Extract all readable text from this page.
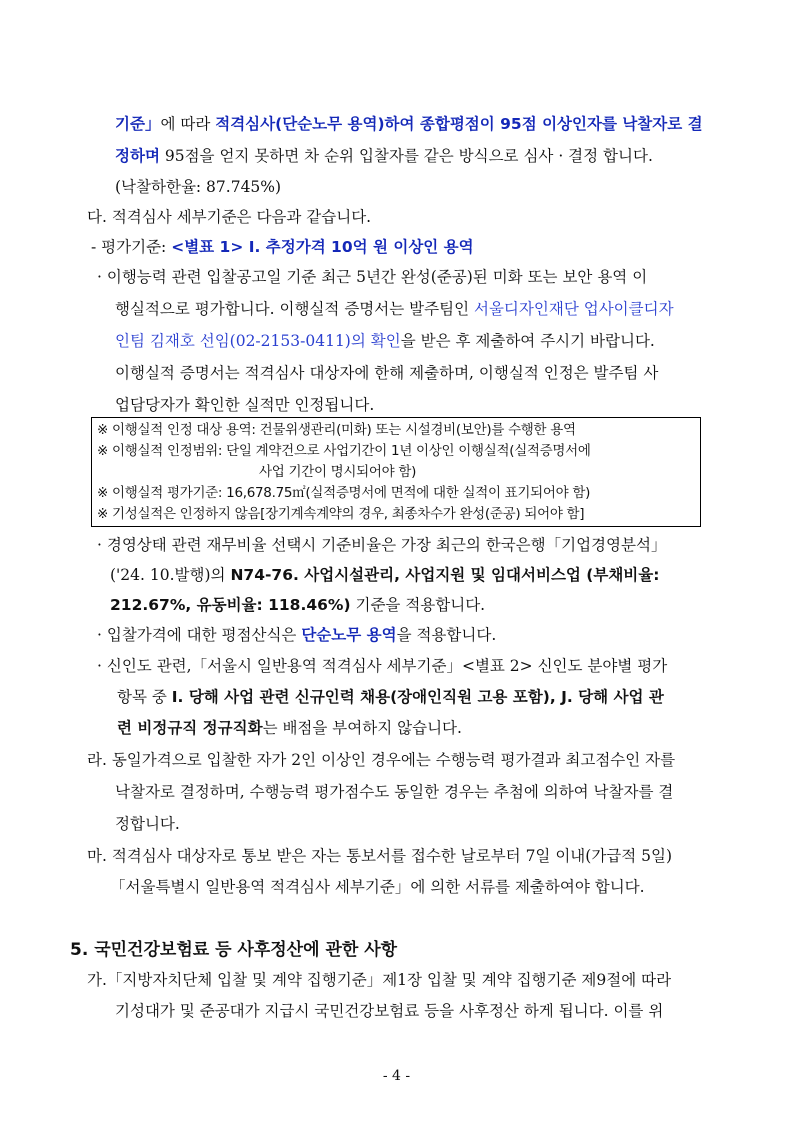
기준」에 따라 적격심사(단순노무 용역)하여 종합평점이 95점 이상인자를 낙찰자로 결
정하며 95점을 얻지 못하면 차 순위 입찰자를 같은 방식으로 심사 · 결정 합니다.
(낙찰하한율: 87.745%)
다. 적격심사 세부기준은 다음과 같습니다.
- 평가기준: <별표 1> Ⅰ. 추정가격 10억 원 이상인 용역
· 이행능력 관련 입찰공고일 기준 최근 5년간 완성(준공)된 미화 또는 보안 용역 이
행실적으로 평가합니다. 이행실적 증명서는 발주팀인 서울디자인재단 업사이클디자
인팀 김재호 선임(02-2153-0411)의 확인을 받은 후 제출하여 주시기 바랍니다.
이행실적 증명서는 적격심사 대상자에 한해 제출하며, 이행실적 인정은 발주팀 사
업담당자가 확인한 실적만 인정됩니다.
※ 이행실적 인정 대상 용역: 건물위생관리(미화) 또는 시설경비(보안)를 수행한 용역
※ 이행실적 인정범위: 단일 계약건으로 사업기간이 1년 이상인 이행실적(실적증명서에
사업 기간이 명시되어야 함)
※ 이행실적 평가기준: 16,678.75㎡(실적증명서에 면적에 대한 실적이 표기되어야 함)
※ 기성실적은 인정하지 않음[장기계속계약의 경우, 최종차수가 완성(준공) 되어야 함]
· 경영상태 관련 재무비율 선택시 기준비율은 가장 최근의 한국은행「기업경영분석」
('24. 10.발행)의 N74-76. 사업시설관리, 사업지원 및 임대서비스업 (부채비율:
212.67%, 유동비율: 118.46%) 기준을 적용합니다.
· 입찰가격에 대한 평점산식은 단순노무 용역을 적용합니다.
· 신인도 관련,「서울시 일반용역 적격심사 세부기준」<별표 2> 신인도 분야별 평가
항목 중 I. 당해 사업 관련 신규인력 채용(장애인직원 고용 포함), J. 당해 사업 관
련 비정규직 정규직화는 배점을 부여하지 않습니다.
라. 동일가격으로 입찰한 자가 2인 이상인 경우에는 수행능력 평가결과 최고점수인 자를
낙찰자로 결정하며, 수행능력 평가점수도 동일한 경우는 추첨에 의하여 낙찰자를 결
정합니다.
마. 적격심사 대상자로 통보 받은 자는 통보서를 접수한 날로부터 7일 이내(가급적 5일)
「서울특별시 일반용역 적격심사 세부기준」에 의한 서류를 제출하여야 합니다.
5. 국민건강보험료 등 사후정산에 관한 사항
가.「지방자치단체 입찰 및 계약 집행기준」제1장 입찰 및 계약 집행기준 제9절에 따라
기성대가 및 준공대가 지급시 국민건강보험료 등을 사후정산 하게 됩니다. 이를 위
- 4 -
